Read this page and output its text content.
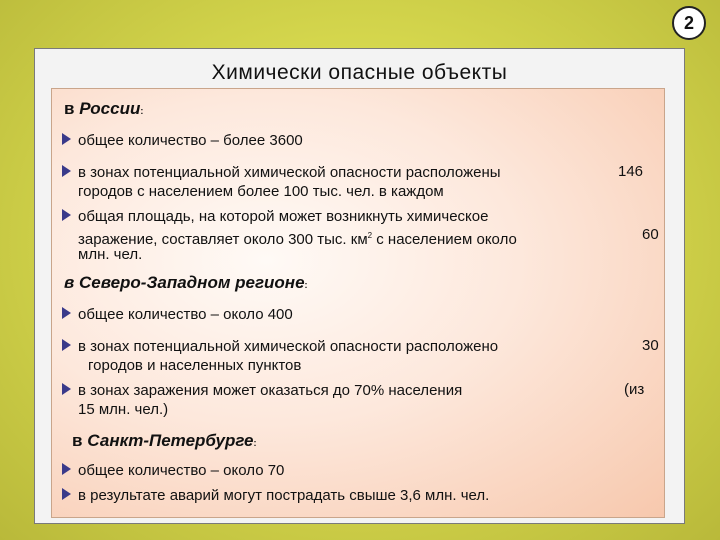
2
Химически опасные объекты
в России:
общее количество – более 3600
в зонах потенциальной химической опасности расположены
городов с населением более 100 тыс. чел. в каждом
146
общая площадь, на которой может возникнуть химическое
заражение, составляет около 300 тыс. $км^2$ с населением около
млн. чел.
60
в Северо-Западном регионе:
общее количество – около 400
в зонах потенциальной химической опасности расположено
городов и населенных пунктов
30
в зонах заражения может оказаться до 70% населения
15 млн. чел.)
(из
в Санкт-Петербурге:
общее количество – около 70
в результате аварий могут пострадать свыше 3,6 млн. чел.
